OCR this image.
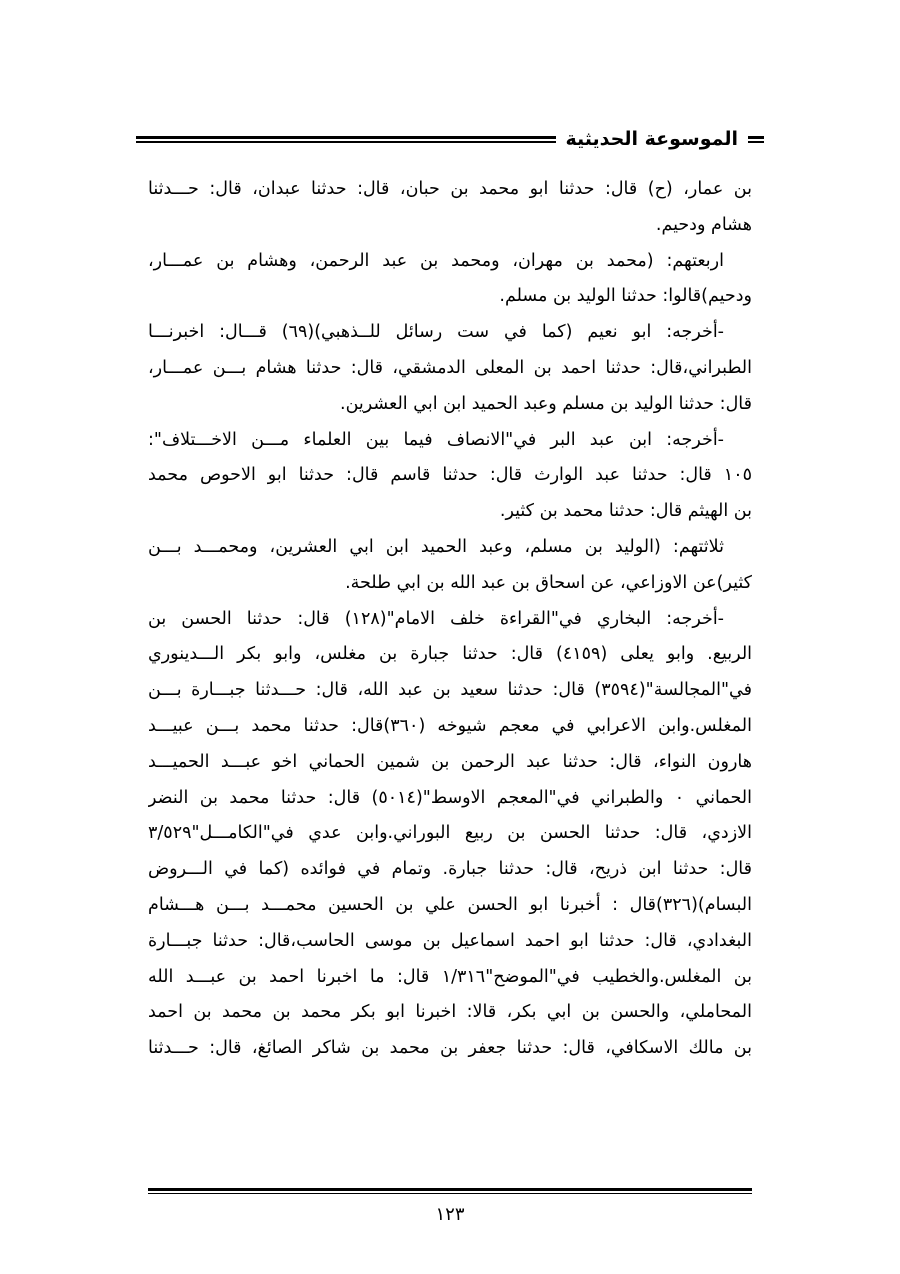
الموسوعة الحديثية
بن عمار، (ح) قال: حدثنا ابو محمد بن حبان، قال: حدثنا عبدان، قال: حـــدثنا
هشام ودحيم.
اربعتهم: (محمد بن مهران، ومحمد بن عبد الرحمن، وهشام بن عمـــار،
ودحيم)قالوا: حدثنا الوليد بن مسلم.
-أخرجه: ابو نعيم (كما في ست رسائل للــذهبي)(٦٩) قـــال: اخبرنـــا
الطبراني،قال: حدثنا احمد بن المعلى الدمشقي، قال: حدثنا هشام بـــن عمـــار،
قال: حدثنا الوليد بن مسلم وعبد الحميد ابن ابي العشرين.
-أخرجه: ابن عبد البر في"الانصاف فيما بين العلماء مـــن الاخـــتلاف":
١٠٥ قال: حدثنا عبد الوارث قال: حدثنا قاسم قال: حدثنا ابو الاحوص محمد
بن الهيثم قال: حدثنا محمد بن كثير.
ثلاثتهم: (الوليد بن مسلم، وعبد الحميد ابن ابي العشرين، ومحمـــد بـــن
كثير)عن الاوزاعي، عن اسحاق بن عبد الله بن ابي طلحة.
-أخرجه: البخاري في"القراءة خلف الامام"(١٢٨) قال: حدثنا الحسن بن
الربيع. وابو يعلى (٤١٥٩) قال: حدثنا جبارة بن مغلس، وابو بكر الـــدينوري
في"المجالسة"(٣٥٩٤) قال: حدثنا سعيد بن عبد الله، قال: حـــدثنا جبـــارة بـــن
المغلس.وابن الاعرابي في معجم شيوخه (٣٦٠)قال: حدثنا محمد بـــن عبيـــد
هارون النواء، قال: حدثنا عبد الرحمن بن شمين الحماني اخو عبـــد الحميـــد
الحماني ٠ والطبراني في"المعجم الاوسط"(٥٠١٤) قال: حدثنا محمد بن النضر
الازدي، قال: حدثنا الحسن بن ربيع البوراني.وابن عدي في"الكامـــل"٣/٥٢٩
قال: حدثنا ابن ذريح، قال: حدثنا جبارة. وتمام في فوائده (كما في الـــروض
البسام)(٣٢٦)قال : أخبرنا ابو الحسن علي بن الحسين محمـــد بـــن هـــشام
البغدادي، قال: حدثنا ابو احمد اسماعيل بن موسى الحاسب،قال: حدثنا جبـــارة
بن المغلس.والخطيب في"الموضح"١/٣١٦ قال: ما اخبرنا احمد بن عبـــد الله
المحاملي، والحسن بن ابي بكر، قالا: اخبرنا ابو بكر محمد بن محمد بن احمد
بن مالك الاسكافي، قال: حدثنا جعفر بن محمد بن شاكر الصائغ، قال: حـــدثنا
١٢٣
